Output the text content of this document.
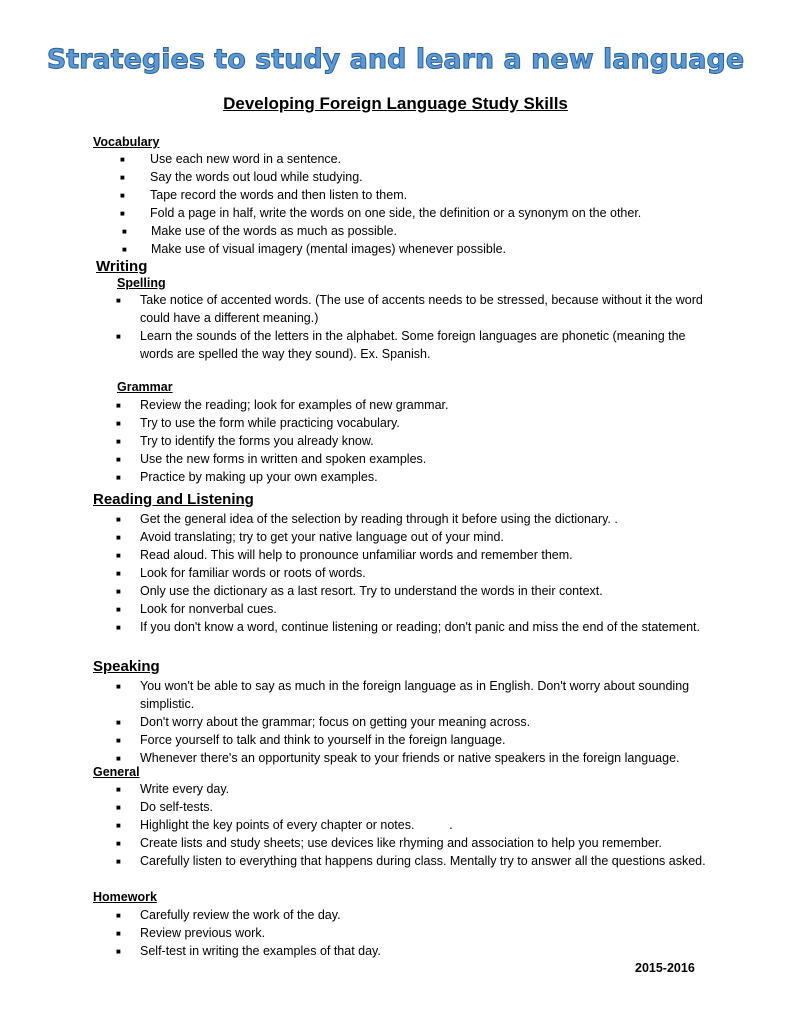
Strategies to study and learn a new language
Developing Foreign Language Study Skills
Vocabulary
■ Use each new word in a sentence.
■ Say the words out loud while studying.
■ Tape record the words and then listen to them.
■ Fold a page in half, write the words on one side, the definition or a synonym on the other.
■ Make use of the words as much as possible.
■ Make use of visual imagery (mental images) whenever possible.
Writing
Spelling
■ Take notice of accented words. (The use of accents needs to be stressed, because without it the word could have a different meaning.)
■ Learn the sounds of the letters in the alphabet. Some foreign languages are phonetic (meaning the words are spelled the way they sound). Ex. Spanish.
Grammar
■ Review the reading; look for examples of new grammar.
■ Try to use the form while practicing vocabulary.
■ Try to identify the forms you already know.
■ Use the new forms in written and spoken examples.
■ Practice by making up your own examples.
Reading and Listening
■ Get the general idea of the selection by reading through it before using the dictionary. .
■ Avoid translating; try to get your native language out of your mind.
■ Read aloud. This will help to pronounce unfamiliar words and remember them.
■ Look for familiar words or roots of words.
■ Only use the dictionary as a last resort. Try to understand the words in their context.
■ Look for nonverbal cues.
■ If you don't know a word, continue listening or reading; don't panic and miss the end of the statement.
Speaking
■ You won't be able to say as much in the foreign language as in English. Don't worry about sounding simplistic.
■ Don't worry about the grammar; focus on getting your meaning across.
■ Force yourself to talk and think to yourself in the foreign language.
■ Whenever there's an opportunity speak to your friends or native speakers in the foreign language.
General
■ Write every day.
■ Do self-tests.
■ Highlight the key points of every chapter or notes.          .
■ Create lists and study sheets; use devices like rhyming and association to help you remember.
■ Carefully listen to everything that happens during class. Mentally try to answer all the questions asked.
Homework
■ Carefully review the work of the day.
■ Review previous work.
■ Self-test in writing the examples of that day.
2015-2016
